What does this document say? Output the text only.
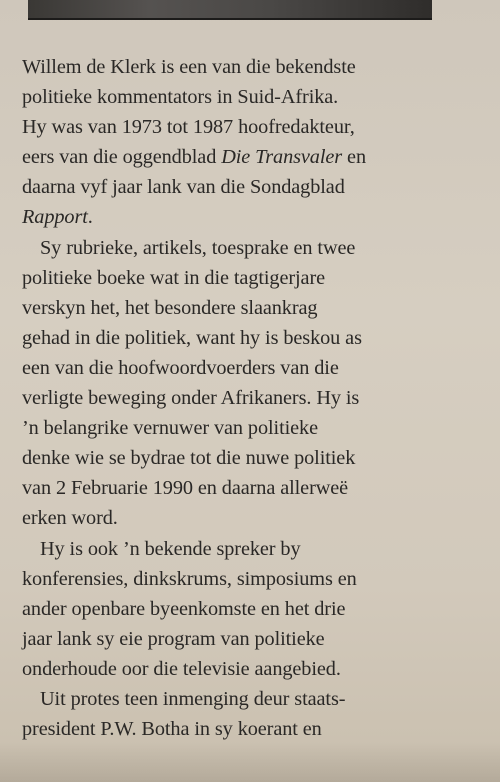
Willem de Klerk is een van die bekendste
politieke kommentators in Suid-Afrika.
Hy was van 1973 tot 1987 hoofredakteur,
eers van die oggendblad Die Transvaler en
daarna vyf jaar lank van die Sondagblad
Rapport.
Sy rubrieke, artikels, toesprake en twee
politieke boeke wat in die tagtigerjare
verskyn het, het besondere slaankrag
gehad in die politiek, want hy is beskou as
een van die hoofwoordvoerders van die
verligte beweging onder Afrikaners. Hy is
’n belangrike vernuwer van politieke
denke wie se bydrae tot die nuwe politiek
van 2 Februarie 1990 en daarna allerweë
erken word.
Hy is ook ’n bekende spreker by
konferensies, dinkskrums, simposiums en
ander openbare byeenkomste en het drie
jaar lank sy eie program van politieke
onderhoude oor die televisie aangebied.
Uit protes teen inmenging deur staats-
president P.W. Botha in sy koerant en
